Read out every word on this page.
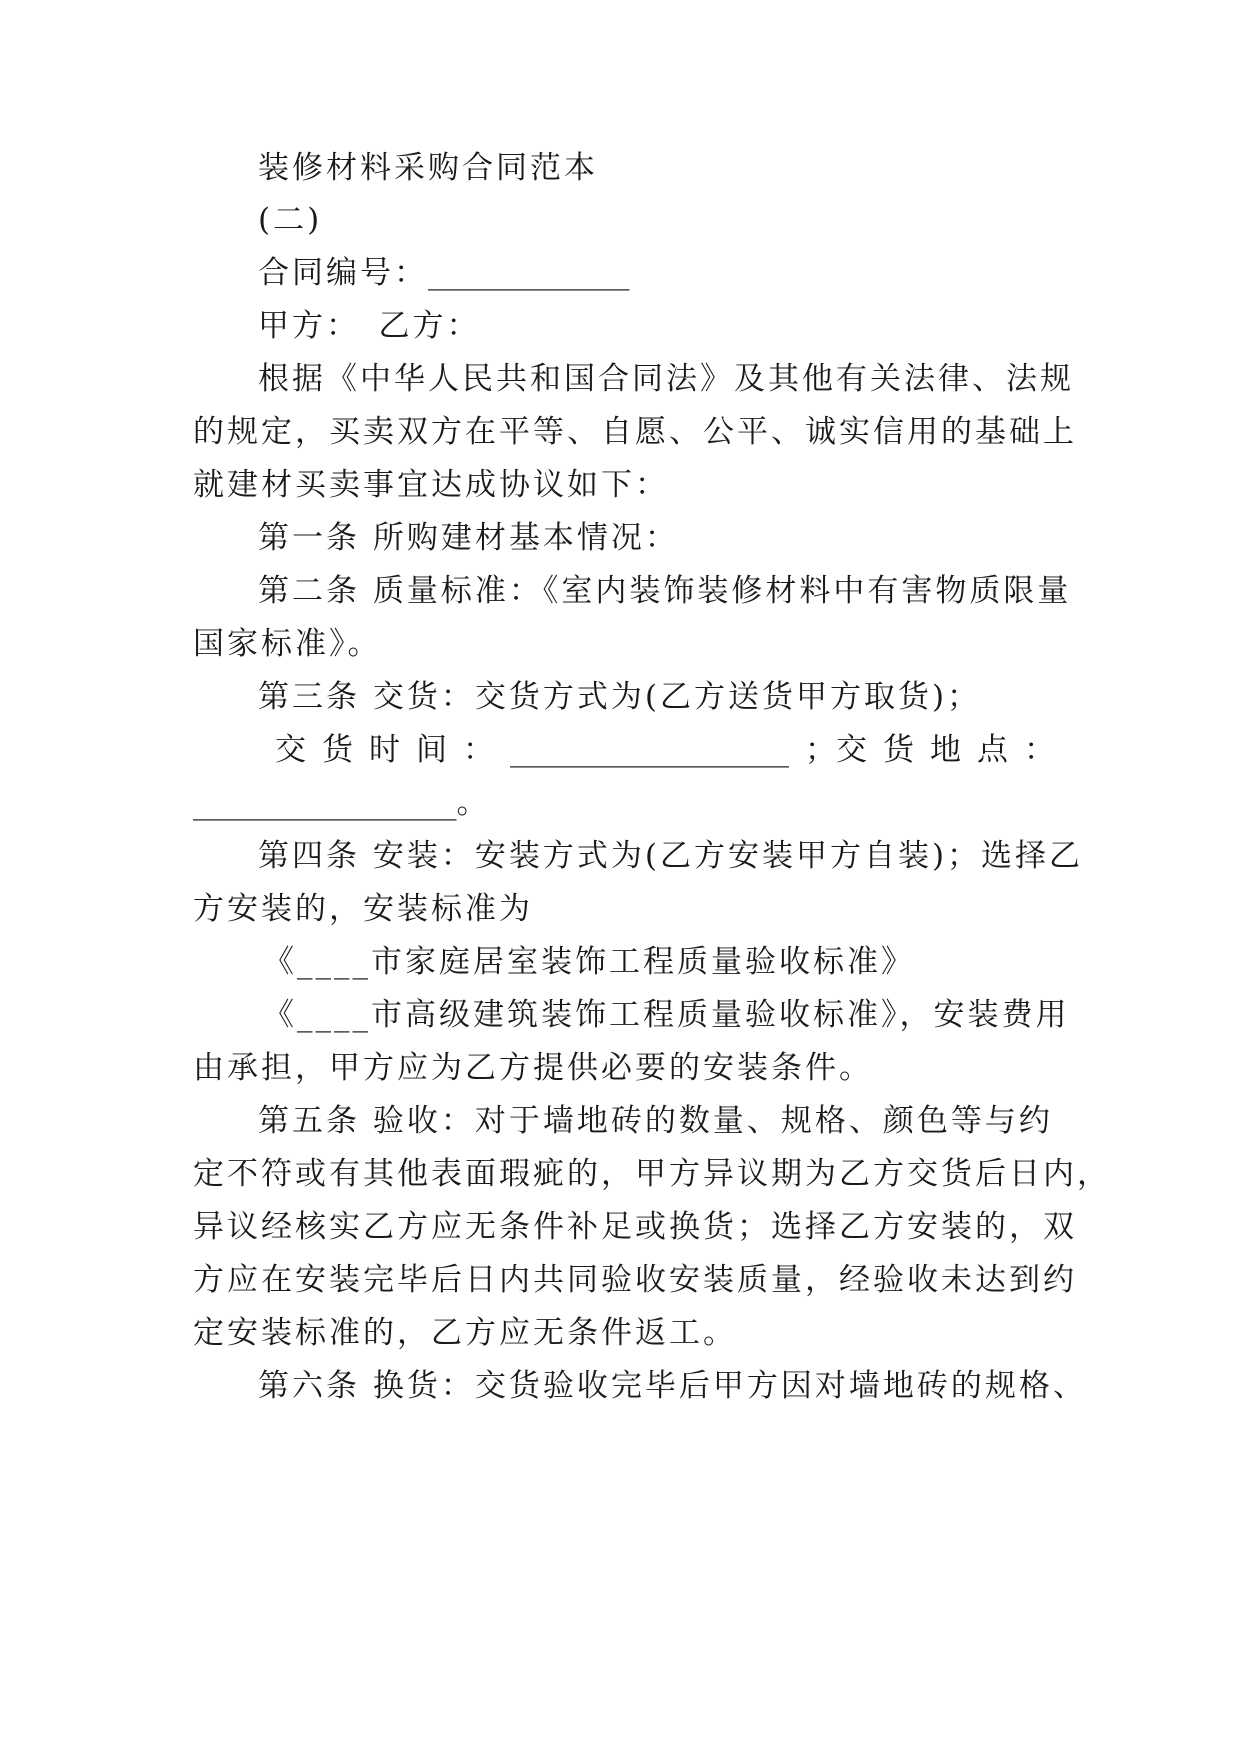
装修材料采购合同范本
(二)
合同编号：_____________
甲方：　乙方：
根据《中华人民共和国合同法》及其他有关法律、法规
的规定，买卖双方在平等、自愿、公平、诚实信用的基础上
就建材买卖事宜达成协议如下：
第一条 所购建材基本情况：
第二条 质量标准：《室内装饰装修材料中有害物质限量
国家标准》。
第三条 交货：交货方式为(乙方送货甲方取货)；
交 货 时 间 ： __________________ ；交 货 地 点 ：
_________________。
第四条 安装：安装方式为(乙方安装甲方自装)；选择乙
方安装的，安装标准为
《____市家庭居室装饰工程质量验收标准》
《____市高级建筑装饰工程质量验收标准》，安装费用
由承担，甲方应为乙方提供必要的安装条件。
第五条 验收：对于墙地砖的数量、规格、颜色等与约
定不符或有其他表面瑕疵的，甲方异议期为乙方交货后日内，
异议经核实乙方应无条件补足或换货；选择乙方安装的，双
方应在安装完毕后日内共同验收安装质量，经验收未达到约
定安装标准的，乙方应无条件返工。
第六条 换货：交货验收完毕后甲方因对墙地砖的规格、
